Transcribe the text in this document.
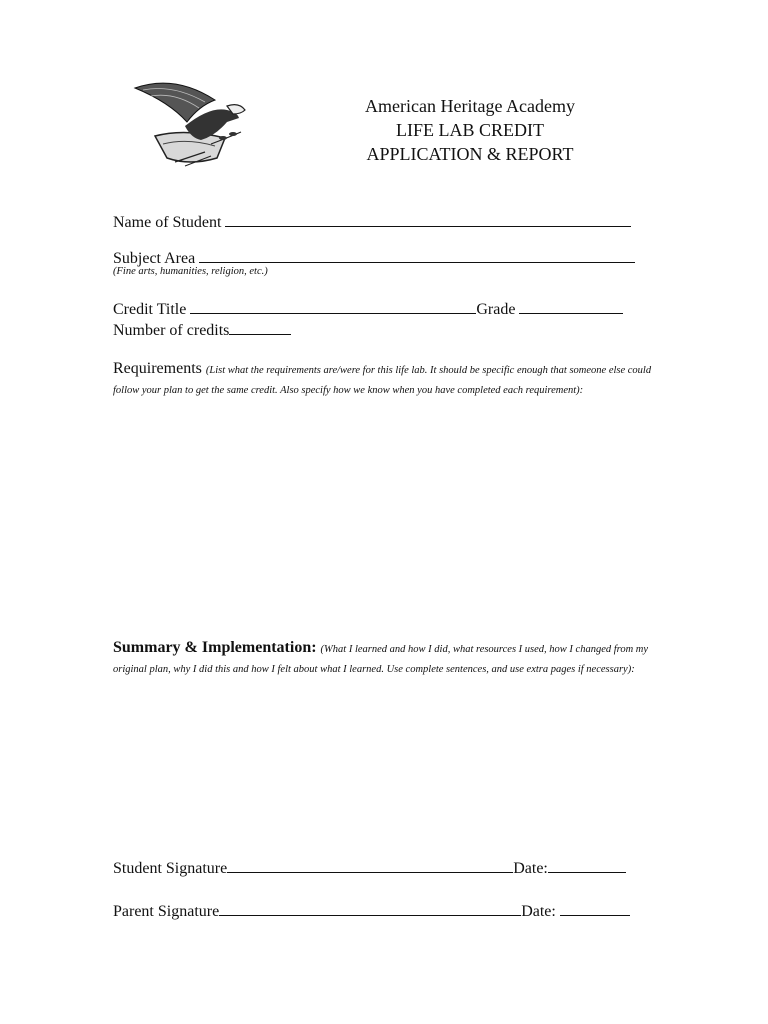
American Heritage Academy
LIFE LAB CREDIT
APPLICATION & REPORT
Name of Student
Subject Area
(Fine arts, humanities, religion, etc.)
Credit Title	Grade
Number of credits
Requirements (List what the requirements are/were for this life lab. It should be specific enough that someone else could follow your plan to get the same credit. Also specify how we know when you have completed each requirement):
Summary & Implementation: (What I learned and how I did, what resources I used, how I changed from my original plan, why I did this and how I felt about what I learned. Use complete sentences, and use extra pages if necessary):
Student Signature	Date:
Parent Signature	Date:
